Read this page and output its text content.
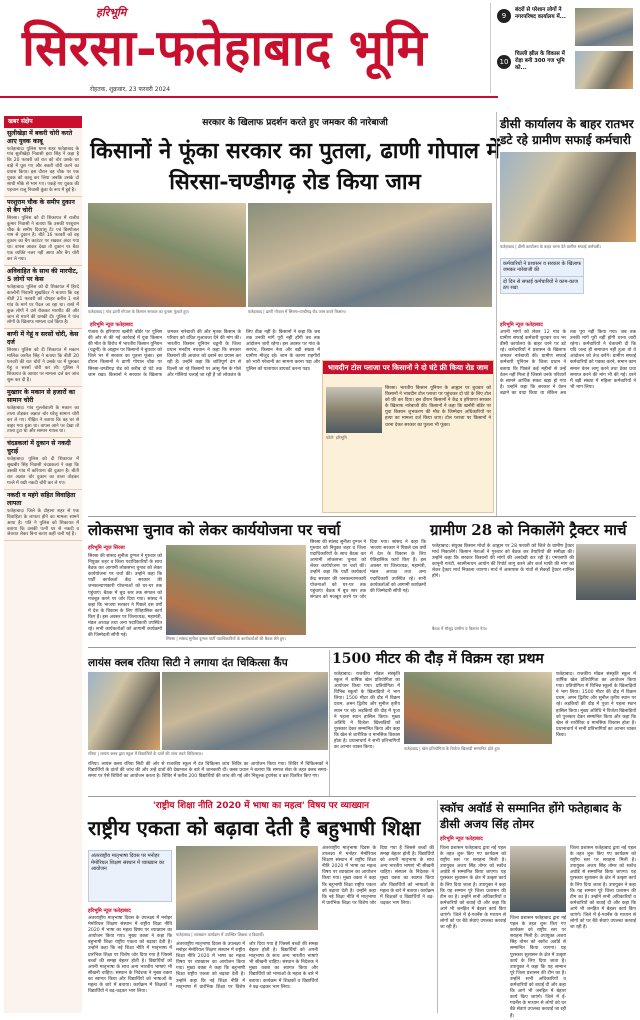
हरिभूमि
सिरसा-फतेहाबाद भूमि
रोहतक, शुक्रवार, 23 फरवरी 2024
9
बंदरों से परेशान लोगों ने नगरपरिषद कार्यालय में...
10
चिल्ली झील के विकास में रोड़ा बनी 300 गज भूमि को...
खबर संक्षेप
सुलीखेड़ा में बकरी चोरी करते आए युवक काबू
फतेहाबाद। पुलिस थाना शहर फतेहाबाद के गांव सुलीखेड़ा निवासी हवा सिंह ने कहा है कि 20 फरवरी को रात को चोर उसके घर बाड़े में घुस गए और बकरी चोरी करने का प्रयास किया। इस दौरान वह चौक पर एक युवक को काबू कर लिया जबकि उसके दो साथी मौके से भाग गए। पकड़े गए युवक की पहचान राजू निवासी कुंडा के रूप में हुई है।
परशुराम चौक के समीप दुकान से बैग चोरी
सिरसा। पुलिस को दी शिकायत में राजीव कुमार निवासी ने बताया कि उसकी परशुराम चौक के समीप दिव्यांशु टेंट एवं डिस्पोजल नाम से दुकान है। बीते 16 फरवरी को वह दुकान का बैग काउंटर पर रखकर अंदर गया था। वापस आकर देखा तो दुकान पर बैठा एक व्यक्ति नजर नहीं आया और बैग चोरी कर ले गया।
अविवाहित के साथ की मारपीट, 5 लोगों पर केस
फतेहाबाद। पुलिस को दी शिकायत में हिरदे कालोनी निवासी सुखविंदर ने बताया कि वह बीती 21 फरवरी को दोपहर करीब 1 बजे गांव के मार्ग पर पैदल जा रहा था। रास्ते में कुछ लोगों ने उसे रोककर मारपीट की और जान से मारने की धमकी दी। पुलिस ने पांच लोगों के खिलाफ मामला दर्ज किया है।
बाणी में गेहूं व सरसों चोरी, केस दर्ज
सिरसा। पुलिस को दी शिकायत में मकान मालिक जरनैल सिंह ने बताया कि बीती 20 फरवरी की रात चोरों ने उसके घर में घुसकर गेहूं व सरसों चोरी कर ली। पुलिस ने शिकायत के आधार पर मामला दर्ज कर जांच शुरू कर दी है।
मुख्तार के मकान से हजारों का सामान चोरी
फतेहाबाद। गांव गुल्लोवाली के मकान का ताला तोड़कर अज्ञात चोर घरेलू सामान चोरी कर ले गए। पीड़ित ने बताया कि वह घर से बाहर गया हुआ था। वापस आने पर देखा तो ताला टूटा था और सामान गायब था।
चंदडकलां में दुकान से नकदी चुराई
फतेहाबाद। पुलिस को दी शिकायत में सुखबीर सिंह निवासी चंदडकलां ने कहा कि उसकी गांव में करियाना की दुकान है। बीती रात अज्ञात चोर दुकान का ताला तोड़कर गल्ले में रखी नकदी चोरी कर ले गए।
नकदी व महंगे सहित विवाहिता लापता
फतेहाबाद। जिले के टोहाना शहर से एक विवाहिता के लापता होने का मामला सामने आया है। पति ने पुलिस को शिकायत में बताया कि उसकी पत्नी घर से नकदी व जेवरात लेकर बिना बताए कहीं चली गई है।
सरकार के खिलाफ प्रदर्शन करते हुए जमकर की नारेबाजी
किसानों ने फूंका सरकार का पुतला, ढाणी गोपाल में सिरसा-चण्डीगढ़ रोड किया जाम
फतेहाबाद | गांव ढाणी गोपाल के किसान सरकार का पुतला फूंकते हुए।	फतेहाबाद | ढाणी गोपाल में सिरसा-चण्डीगढ़ रोड जाम करते किसान।
हरिभूमि न्यूज फतेहाबाद
पंजाब के हरियाणा खनौरी बॉर्डर पर पुलिस की ओर से की गई कार्रवाई में युवा किसान की मौत के विरोध में भारतीय किसान यूनियन (चढूनी) के आह्वान पर किसानों ने बुधवार को जिले भर में सरकार का पुतला फूंका। इस दौरान किसानों ने ढाणी गोपाल चौक पर सिरसा-चण्डीगढ़ रोड को करीब दो घंटे तक जाम रखा। किसानों ने सरकार के खिलाफ जमकर नारेबाजी की और मृतक किसान के परिवार को उचित मुआवजा देने की मांग की। भारतीय किसान यूनियन चढूनी के जिला प्रधान मनदीप नथवान ने कहा कि सरकार किसानों की आवाज को दबाने का प्रयास कर रही है। उन्होंने कहा कि शांतिपूर्ण ढंग से दिल्ली जा रहे किसानों पर आंसू गैस के गोले और गोलियां चलाई जा रही हैं जो लोकतंत्र के लिए ठीक नहीं है। किसानों ने कहा कि जब तक उनकी मांगें पूरी नहीं होंगी तब तक आंदोलन जारी रहेगा। इस अवसर पर गांव के सरपंच, किसान नेता और बड़ी संख्या में ग्रामीण मौजूद रहे। जाम के कारण राहगीरों को भारी परेशानी का सामना करना पड़ा और पुलिस को यातायात डायवर्ट करना पड़ा।	भावदीन टोल प्लाजा पर किसानों ने दो घंटे फ्री किया रोड जाम
सिरसा। भारतीय किसान यूनियन के आह्वान पर बुधवार को किसानों ने भावदीन टोल प्लाजा पर पहुंचकर दो घंटे के लिए टोल को फ्री कर दिया। इस दौरान किसानों ने केंद्र व हरियाणा सरकार के खिलाफ नारेबाजी की। किसानों ने कहा कि खनौरी बॉर्डर पर युवा किसान शुभकरण की मौत के जिम्मेदार अधिकारियों पर हत्या का मामला दर्ज किया जाए। टोल प्लाजा पर किसानों ने धरना देकर सरकार का पुतला भी फूंका।
फोटो: हरिभूमि
डीसी कार्यालय के बाहर रातभर डटे रहे ग्रामीण सफाई कर्मचारी
फतेहाबाद | डीसी कार्यालय के बाहर धरना देते ग्रामीण सफाई कर्मचारी।
कर्मचारियों ने प्रशासन व सरकार के खिलाफ जमकर नारेबाजी की
दो दिन से सफाई कर्मचारियों ने काम-काज ठप रखा
हरिभूमि न्यूज फतेहाबाद
अपनी मांगों को लेकर 12 गांव के ग्रामीण सफाई कर्मचारी बुधवार रात भर डीसी कार्यालय के बाहर धरने पर डटे रहे। कर्मचारियों ने प्रशासन के खिलाफ जमकर नारेबाजी की। ग्रामीण सफाई कर्मचारी यूनियन के जिला प्रधान ने बताया कि पिछले कई महीनों से उन्हें वेतन नहीं मिला है जिससे उनके परिवारों के सामने आर्थिक संकट खड़ा हो गया है। उन्होंने कहा कि सरकार ने वेतन बढ़ाने का वादा किया था लेकिन अब तक पूरा नहीं किया गया। जब तक उनकी मांगें पूरी नहीं होंगी धरना जारी रहेगा। कर्मचारियों ने चेतावनी दी कि यदि जल्द ही समाधान नहीं हुआ तो वे आंदोलन को तेज करेंगे। ग्रामीण सफाई कर्मचारियों को पक्का करने, समान काम समान वेतन लागू करने तथा ठेका प्रथा समाप्त करने की मांग भी की गई। धरने में बड़ी संख्या में महिला कर्मचारियों ने भी भाग लिया।
लोकसभा चुनाव को लेकर कार्ययोजना पर चर्चा
हरिभूमि न्यूज सिरसा
सिरसा की सांसद सुनीता दुग्गल ने गुरुवार को नियुक्त शहर व जिला पदाधिकारियों के साथ बैठक कर आगामी लोकसभा चुनाव को लेकर कार्ययोजना पर चर्चा की। उन्होंने कहा कि पार्टी कार्यकर्ता केंद्र सरकार की जनकल्याणकारी योजनाओं को घर-घर तक पहुंचाएं। बैठक में बूथ स्तर तक संगठन को मजबूत करने पर जोर दिया गया। सांसद ने कहा कि भाजपा सरकार ने पिछले दस वर्षों में देश के विकास के लिए ऐतिहासिक कार्य किए हैं। इस अवसर पर जिलाध्यक्ष, महामंत्री, मंडल अध्यक्ष तथा अन्य पदाधिकारी उपस्थित रहे। सभी कार्यकर्ताओं को आगामी कार्यक्रमों की जिम्मेदारी सौंपी गई।
सिरसा की सांसद सुनीता दुग्गल ने गुरुवार को नियुक्त शहर व जिला पदाधिकारियों के साथ बैठक कर आगामी लोकसभा चुनाव को लेकर कार्ययोजना पर चर्चा की। उन्होंने कहा कि पार्टी कार्यकर्ता केंद्र सरकार की जनकल्याणकारी योजनाओं को घर-घर तक पहुंचाएं। बैठक में बूथ स्तर तक संगठन को मजबूत करने पर जोर दिया गया। सांसद ने कहा कि भाजपा सरकार ने पिछले दस वर्षों में देश के विकास के लिए ऐतिहासिक कार्य किए हैं। इस अवसर पर जिलाध्यक्ष, महामंत्री, मंडल अध्यक्ष तथा अन्य पदाधिकारी उपस्थित रहे। सभी कार्यकर्ताओं को आगामी कार्यक्रमों की जिम्मेदारी सौंपी गई।
सिरसा | सांसद सुनीता दुग्गल पार्टी पदाधिकारियों के कार्यकर्ताओं की बैठक लेते हुए।
ग्रामीण 28 को निकालेंगे ट्रैक्टर मार्च
फतेहाबाद। संयुक्त किसान मोर्चा के आह्वान पर 28 फरवरी को जिले के ग्रामीण ट्रैक्टर मार्च निकालेंगे। किसान नेताओं ने गुरुवार को बैठक कर तैयारियों की समीक्षा की। उन्होंने कहा कि सरकार किसानों की मांगों की अनदेखी कर रही है। एमएसपी की कानूनी गारंटी, स्वामीनाथन आयोग की रिपोर्ट लागू करने और कर्ज माफी की मांग को लेकर ट्रैक्टर मार्च निकाला जाएगा। मार्च में आसपास के गांवों से सैकड़ों ट्रैक्टर शामिल होंगे।
बैठक में मौजूद ग्रामीण व किसान नेता।
लायंस क्लब रतिया सिटी ने लगाया दंत चिकित्सा कैंप
रतिया | लायंस क्लब द्वारा स्कूल में विद्यार्थियों के दांतों की जांच करते चिकित्सक।
रतिया। लायंस क्लब रतिया सिटी की ओर से राजकीय स्कूल में दंत चिकित्सा जांच शिविर का आयोजन किया गया। शिविर में चिकित्सकों ने विद्यार्थियों के दांतों की जांच की और उन्हें दांतों की देखभाल के बारे में जानकारी दी। क्लब प्रधान ने बताया कि समाज सेवा के तहत क्लब समय-समय पर ऐसे शिविरों का आयोजन करता है। शिविर में करीब 200 विद्यार्थियों की जांच की गई और निशुल्क टूथपेस्ट व ब्रश वितरित किए गए।
1500 मीटर की दौड़ में विक्रम रहा प्रथम
फतेहाबाद। राजकीय मॉडल संस्कृति स्कूल में वार्षिक खेल प्रतियोगिता का आयोजन किया गया। प्रतियोगिता में विभिन्न स्कूलों के खिलाड़ियों ने भाग लिया। 1500 मीटर की दौड़ में विक्रम प्रथम, अमन द्वितीय और सुनील तृतीय स्थान पर रहे। लड़कियों की दौड़ में पूजा ने पहला स्थान हासिल किया। मुख्य अतिथि ने विजेता खिलाड़ियों को पुरस्कार देकर सम्मानित किया और कहा कि खेल से शारीरिक व मानसिक विकास होता है। प्रधानाचार्य ने सभी प्रतिभागियों का आभार व्यक्त किया।	फतेहाबाद | खेल प्रतियोगिता के विजेता खिलाड़ी सम्मानित होते हुए।
फतेहाबाद। राजकीय मॉडल संस्कृति स्कूल में वार्षिक खेल प्रतियोगिता का आयोजन किया गया। प्रतियोगिता में विभिन्न स्कूलों के खिलाड़ियों ने भाग लिया। 1500 मीटर की दौड़ में विक्रम प्रथम, अमन द्वितीय और सुनील तृतीय स्थान पर रहे। लड़कियों की दौड़ में पूजा ने पहला स्थान हासिल किया। मुख्य अतिथि ने विजेता खिलाड़ियों को पुरस्कार देकर सम्मानित किया और कहा कि खेल से शारीरिक व मानसिक विकास होता है। प्रधानाचार्य ने सभी प्रतिभागियों का आभार व्यक्त किया।
'राष्ट्रीय शिक्षा नीति 2020 में भाषा का महत्व' विषय पर व्याख्यान
राष्ट्रीय एकता को बढ़ावा देती है बहुभाषी शिक्षा
अंतरराष्ट्रीय मातृभाषा दिवस पर मनोहर मेमोरियल शिक्षण संस्थान में व्याख्यान का आयोजन
फतेहाबाद | व्याख्यान कार्यक्रम में उपस्थित शिक्षक व विद्यार्थी।
हरिभूमि न्यूज फतेहाबाद
अंतरराष्ट्रीय मातृभाषा दिवस के उपलक्ष्य में मनोहर मेमोरियल शिक्षण संस्थान में राष्ट्रीय शिक्षा नीति 2020 में भाषा का महत्व विषय पर व्याख्यान का आयोजन किया गया। मुख्य वक्ता ने कहा कि बहुभाषी शिक्षा राष्ट्रीय एकता को बढ़ावा देती है। उन्होंने कहा कि नई शिक्षा नीति में मातृभाषा में प्रारंभिक शिक्षा पर विशेष जोर दिया गया है जिससे बच्चों की समझ बेहतर होती है। विद्यार्थियों को अपनी मातृभाषा के साथ अन्य भारतीय भाषाएं भी सीखनी चाहिए। संस्थान के निदेशक ने मुख्य वक्ता का स्वागत किया और विद्यार्थियों को भाषाओं के महत्व के बारे में बताया। कार्यक्रम में शिक्षकों व विद्यार्थियों ने बढ़-चढ़कर भाग लिया।
अंतरराष्ट्रीय मातृभाषा दिवस के उपलक्ष्य में मनोहर मेमोरियल शिक्षण संस्थान में राष्ट्रीय शिक्षा नीति 2020 में भाषा का महत्व विषय पर व्याख्यान का आयोजन किया गया। मुख्य वक्ता ने कहा कि बहुभाषी शिक्षा राष्ट्रीय एकता को बढ़ावा देती है। उन्होंने कहा कि नई शिक्षा नीति में मातृभाषा में प्रारंभिक शिक्षा पर विशेष जोर दिया गया है जिससे बच्चों की समझ बेहतर होती है। विद्यार्थियों को अपनी मातृभाषा के साथ अन्य भारतीय भाषाएं भी सीखनी चाहिए। संस्थान के निदेशक ने मुख्य वक्ता का स्वागत किया और विद्यार्थियों को भाषाओं के महत्व के बारे में बताया। कार्यक्रम में शिक्षकों व विद्यार्थियों ने बढ़-चढ़कर भाग लिया।
अंतरराष्ट्रीय मातृभाषा दिवस के उपलक्ष्य में मनोहर मेमोरियल शिक्षण संस्थान में राष्ट्रीय शिक्षा नीति 2020 में भाषा का महत्व विषय पर व्याख्यान का आयोजन किया गया। मुख्य वक्ता ने कहा कि बहुभाषी शिक्षा राष्ट्रीय एकता को बढ़ावा देती है। उन्होंने कहा कि नई शिक्षा नीति में मातृभाषा में प्रारंभिक शिक्षा पर विशेष जोर दिया गया है जिससे बच्चों की समझ बेहतर होती है। विद्यार्थियों को अपनी मातृभाषा के साथ अन्य भारतीय भाषाएं भी सीखनी चाहिए। संस्थान के निदेशक ने मुख्य वक्ता का स्वागत किया और विद्यार्थियों को भाषाओं के महत्व के बारे में बताया। कार्यक्रम में शिक्षकों व विद्यार्थियों ने बढ़-चढ़कर भाग लिया।
स्कॉच अवॉर्ड से सम्मानित होंगे फतेहाबाद के डीसी अजय सिंह तोमर
हरिभूमि न्यूज फतेहाबाद
जिला प्रशासन फतेहाबाद द्वारा नई पहल के तहत शुरू किए गए कार्यक्रम को राष्ट्रीय स्तर पर सराहना मिली है। उपायुक्त अजय सिंह तोमर को स्कॉच अवॉर्ड से सम्मानित किया जाएगा। यह पुरस्कार सुशासन के क्षेत्र में उत्कृष्ट कार्य के लिए दिया जाता है। उपायुक्त ने कहा कि यह सम्मान पूरे जिला प्रशासन की टीम का है। उन्होंने सभी अधिकारियों व कर्मचारियों को बधाई दी और कहा कि आगे भी जनहित में बेहतर कार्य किए जाएंगे। जिले में ई-गवर्नेंस के माध्यम से लोगों को घर बैठे सेवाएं उपलब्ध करवाई जा रही हैं।
जिला प्रशासन फतेहाबाद द्वारा नई पहल के तहत शुरू किए गए कार्यक्रम को राष्ट्रीय स्तर पर सराहना मिली है। उपायुक्त अजय सिंह तोमर को स्कॉच अवॉर्ड से सम्मानित किया जाएगा। यह पुरस्कार सुशासन के क्षेत्र में उत्कृष्ट कार्य के लिए दिया जाता है। उपायुक्त ने कहा कि यह सम्मान पूरे जिला प्रशासन की टीम का है। उन्होंने सभी अधिकारियों व कर्मचारियों को बधाई दी और कहा कि आगे भी जनहित में बेहतर कार्य किए जाएंगे। जिले में ई-गवर्नेंस के माध्यम से लोगों को घर बैठे सेवाएं उपलब्ध करवाई जा रही हैं।
जिला प्रशासन फतेहाबाद द्वारा नई पहल के तहत शुरू किए गए कार्यक्रम को राष्ट्रीय स्तर पर सराहना मिली है। उपायुक्त अजय सिंह तोमर को स्कॉच अवॉर्ड से सम्मानित किया जाएगा। यह पुरस्कार सुशासन के क्षेत्र में उत्कृष्ट कार्य के लिए दिया जाता है। उपायुक्त ने कहा कि यह सम्मान पूरे जिला प्रशासन की टीम का है। उन्होंने सभी अधिकारियों व कर्मचारियों को बधाई दी और कहा कि आगे भी जनहित में बेहतर कार्य किए जाएंगे। जिले में ई-गवर्नेंस के माध्यम से लोगों को घर बैठे सेवाएं उपलब्ध करवाई जा रही हैं।
